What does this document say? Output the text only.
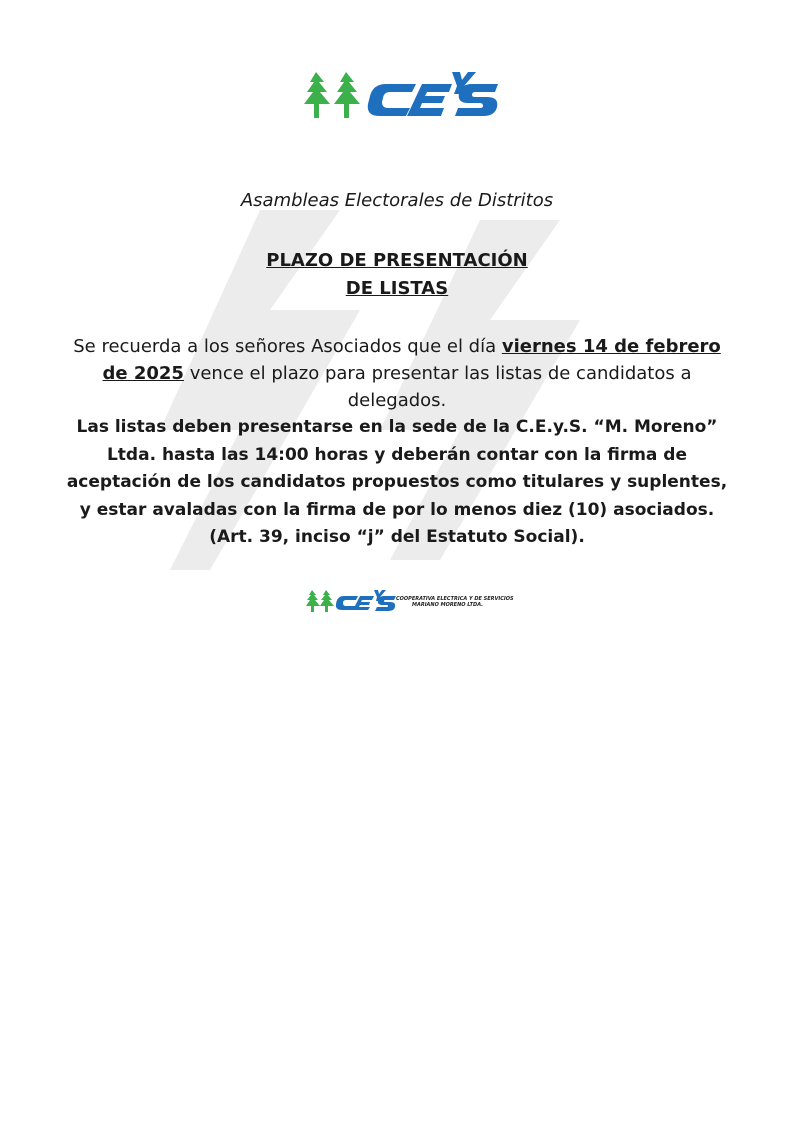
Asambleas Electorales de Distritos

PLAZO DE PRESENTACIÓN

DE LISTAS

Se recuerda a los señores Asociados que el día viernes 14 de febrero de 2025 vence el plazo para presentar las listas de candidatos a delegados.

Las listas deben presentarse en la sede de la C.E.y.S. “M. Moreno” Ltda. hasta las 14:00 horas y deberán contar con la firma de aceptación de los candidatos propuestos como titulares y suplentes, y estar avaladas con la firma de por lo menos diez (10) asociados. (Art. 39, inciso “j” del Estatuto Social).

COOPERATIVA ELECTRICA Y DE SERVICIOS
MARIANO MORENO LTDA.
